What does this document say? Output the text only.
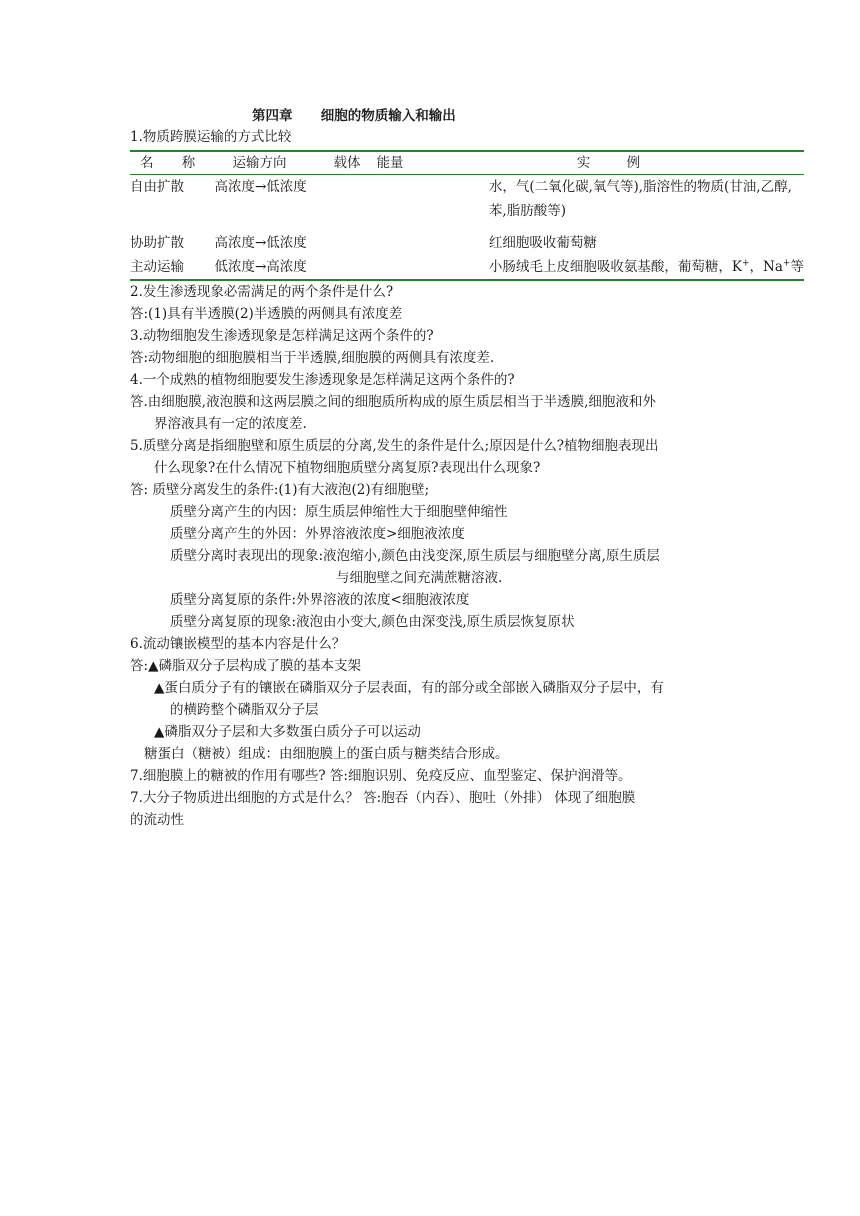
第四章      细胞的物质输入和输出
1.物质跨膜运输的方式比较
名 称	运输方向	载体	能量	实 例
自由扩散	高浓度→低浓度			水，气(二氧化碳,氧气等),脂溶性的物质(甘油,乙醇,苯,脂肪酸等)

协助扩散	高浓度→低浓度			红细胞吸收葡萄糖
主动运输	低浓度→高浓度			小肠绒毛上皮细胞吸收氨基酸，葡萄糖，K+，Na+等
2.发生渗透现象必需满足的两个条件是什么?
答:(1)具有半透膜(2)半透膜的两侧具有浓度差
3.动物细胞发生渗透现象是怎样满足这两个条件的?
答:动物细胞的细胞膜相当于半透膜,细胞膜的两侧具有浓度差.
4.一个成熟的植物细胞要发生渗透现象是怎样满足这两个条件的?
答.由细胞膜,液泡膜和这两层膜之间的细胞质所构成的原生质层相当于半透膜,细胞液和外
界溶液具有一定的浓度差.
5.质壁分离是指细胞壁和原生质层的分离,发生的条件是什么;原因是什么?植物细胞表现出
什么现象?在什么情况下植物细胞质壁分离复原?表现出什么现象?
答: 质壁分离发生的条件:(1)有大液泡(2)有细胞壁;
质壁分离产生的内因：原生质层伸缩性大于细胞壁伸缩性
质壁分离产生的外因：外界溶液浓度>细胞液浓度
质壁分离时表现出的现象:液泡缩小,颜色由浅变深,原生质层与细胞壁分离,原生质层
与细胞壁之间充满蔗糖溶液.
质壁分离复原的条件:外界溶液的浓度<细胞液浓度
质壁分离复原的现象:液泡由小变大,颜色由深变浅,原生质层恢复原状
6.流动镶嵌模型的基本内容是什么？
答:▲磷脂双分子层构成了膜的基本支架
▲蛋白质分子有的镶嵌在磷脂双分子层表面，有的部分或全部嵌入磷脂双分子层中，有
的横跨整个磷脂双分子层
▲磷脂双分子层和大多数蛋白质分子可以运动
糖蛋白（糖被）组成：由细胞膜上的蛋白质与糖类结合形成。
7.细胞膜上的糖被的作用有哪些? 答:细胞识别、免疫反应、血型鉴定、保护润滑等。
7.大分子物质进出细胞的方式是什么？ 答:胞吞（内吞）、胞吐（外排） 体现了细胞膜
的流动性
